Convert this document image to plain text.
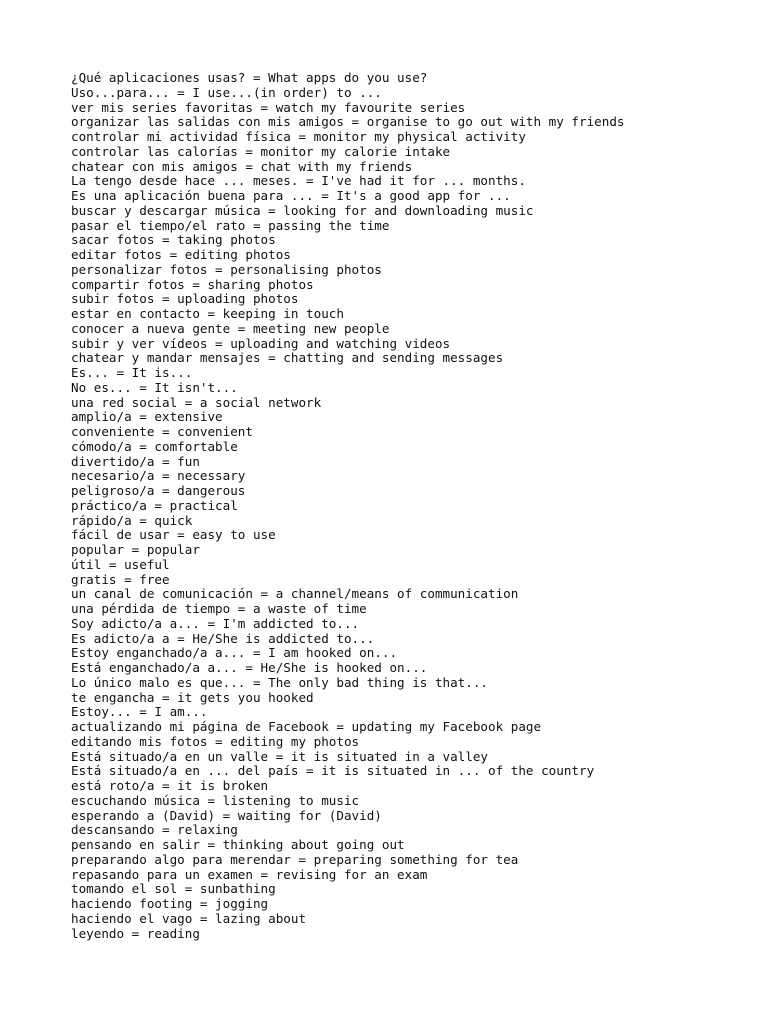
¿Qué aplicaciones usas? = What apps do you use?
Uso...para... = I use...(in order) to ...
ver mis series favoritas = watch my favourite series
organizar las salidas con mis amigos = organise to go out with my friends
controlar mi actividad física = monitor my physical activity
controlar las calorías = monitor my calorie intake
chatear con mis amigos = chat with my friends
La tengo desde hace ... meses. = I've had it for ... months.
Es una aplicación buena para ... = It's a good app for ...
buscar y descargar música = looking for and downloading music
pasar el tiempo/el rato = passing the time
sacar fotos = taking photos
editar fotos = editing photos
personalizar fotos = personalising photos
compartir fotos = sharing photos
subir fotos = uploading photos
estar en contacto = keeping in touch
conocer a nueva gente = meeting new people
subir y ver vídeos = uploading and watching videos
chatear y mandar mensajes = chatting and sending messages
Es... = It is...
No es... = It isn't...
una red social = a social network
amplio/a = extensive
conveniente = convenient
cómodo/a = comfortable
divertido/a = fun
necesario/a = necessary
peligroso/a = dangerous
práctico/a = practical
rápido/a = quick
fácil de usar = easy to use
popular = popular
útil = useful
gratis = free
un canal de comunicación = a channel/means of communication
una pérdida de tiempo = a waste of time
Soy adicto/a a... = I'm addicted to...
Es adicto/a a = He/She is addicted to...
Estoy enganchado/a a... = I am hooked on...
Está enganchado/a a... = He/She is hooked on...
Lo único malo es que... = The only bad thing is that...
te engancha = it gets you hooked
Estoy... = I am...
actualizando mi página de Facebook = updating my Facebook page
editando mis fotos = editing my photos
Está situado/a en un valle = it is situated in a valley
Está situado/a en ... del país = it is situated in ... of the country
está roto/a = it is broken
escuchando música = listening to music
esperando a (David) = waiting for (David)
descansando = relaxing
pensando en salir = thinking about going out
preparando algo para merendar = preparing something for tea
repasando para un examen = revising for an exam
tomando el sol = sunbathing
haciendo footing = jogging
haciendo el vago = lazing about
leyendo = reading
